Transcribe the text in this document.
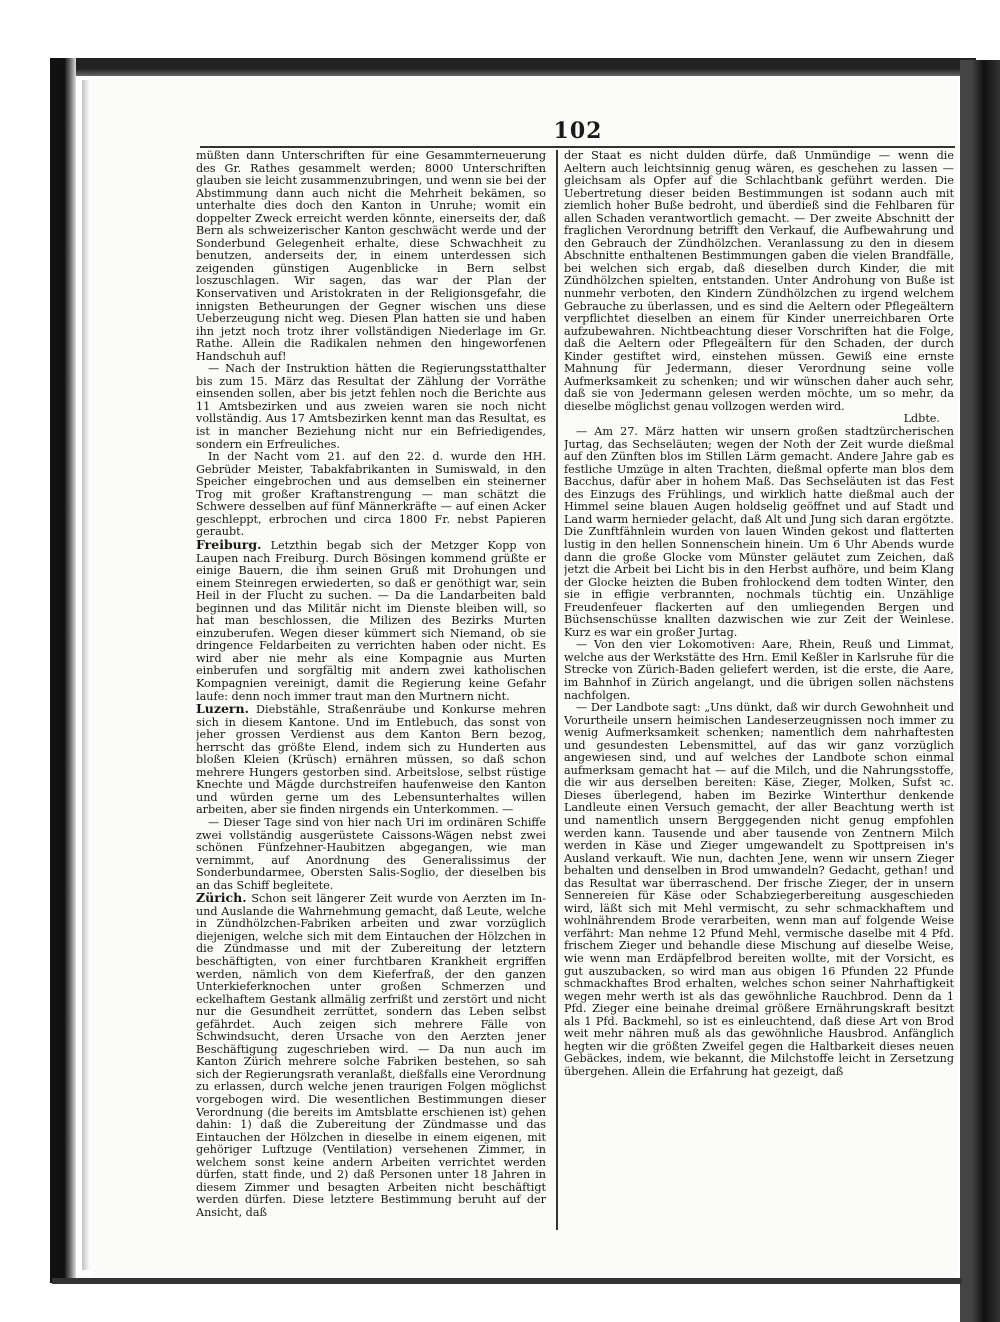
102

müßten dann Unterschriften für eine Gesammterneuerung des Gr. Rathes gesammelt werden; 8000 Unterschriften glauben sie leicht zusammenzubringen, und wenn sie bei der Abstimmung dann auch nicht die Mehrheit bekämen, so unterhalte dies doch den Kanton in Unruhe; womit ein doppelter Zweck erreicht werden könnte, einerseits der, daß Bern als schweizerischer Kanton geschwächt werde und der Sonderbund Gelegenheit erhalte, diese Schwachheit zu benutzen, anderseits der, in einem unterdessen sich zeigenden günstigen Augenblicke in Bern selbst loszuschlagen. Wir sagen, das war der Plan der Konservativen und Aristokraten in der Religionsgefahr, die innigsten Betheurungen der Gegner wischen uns diese Ueberzeugung nicht weg. Diesen Plan hatten sie und haben ihn jetzt noch trotz ihrer vollständigen Niederlage im Gr. Rathe. Allein die Radikalen nehmen den hingeworfenen Handschuh auf!

— Nach der Instruktion hätten die Regierungsstatthalter bis zum 15. März das Resultat der Zählung der Vorräthe einsenden sollen, aber bis jetzt fehlen noch die Berichte aus 11 Amtsbezirken und aus zweien waren sie noch nicht vollständig. Aus 17 Amtsbezirken kennt man das Resultat, es ist in mancher Beziehung nicht nur ein Befriedigendes, sondern ein Erfreuliches.

In der Nacht vom 21. auf den 22. d. wurde den HH. Gebrüder Meister, Tabakfabrikanten in Sumiswald, in den Speicher eingebrochen und aus demselben ein steinerner Trog mit großer Kraftanstrengung — man schätzt die Schwere desselben auf fünf Männerkräfte — auf einen Acker geschleppt, erbrochen und circa 1800 Fr. nebst Papieren geraubt.

Freiburg. Letzthin begab sich der Metzger Kopp von Laupen nach Freiburg. Durch Bösingen kommend grüßte er einige Bauern, die ihm seinen Gruß mit Drohungen und einem Steinregen erwiederten, so daß er genöthigt war, sein Heil in der Flucht zu suchen. — Da die Landarbeiten bald beginnen und das Militär nicht im Dienste bleiben will, so hat man beschlossen, die Milizen des Bezirks Murten einzuberufen. Wegen dieser kümmert sich Niemand, ob sie dringence Feldarbeiten zu verrichten haben oder nicht. Es wird aber nie mehr als eine Kompagnie aus Murten einberufen und sorgfältig mit andern zwei katholischen Kompagnien vereinigt, damit die Regierung keine Gefahr laufe: denn noch immer traut man den Murtnern nicht.

Luzern. Diebstähle, Straßenräube und Konkurse mehren sich in diesem Kantone. Und im Entlebuch, das sonst von jeher grossen Verdienst aus dem Kanton Bern bezog, herrscht das größte Elend, indem sich zu Hunderten aus bloßen Kleien (Krüsch) ernähren müssen, so daß schon mehrere Hungers gestorben sind. Arbeitslose, selbst rüstige Knechte und Mägde durchstreifen haufenweise den Kanton und würden gerne um des Lebensunterhaltes willen arbeiten, aber sie finden nirgends ein Unterkommen. —

— Dieser Tage sind von hier nach Uri im ordinären Schiffe zwei vollständig ausgerüstete Caissons-Wägen nebst zwei schönen Fünfzehner-Haubitzen abgegangen, wie man vernimmt, auf Anordnung des Generalissimus der Sonderbundarmee, Obersten Salis-Soglio, der dieselben bis an das Schiff begleitete.

Zürich. Schon seit längerer Zeit wurde von Aerzten im In- und Auslande die Wahrnehmung gemacht, daß Leute, welche in Zündhölzchen-Fabriken arbeiten und zwar vorzüglich diejenigen, welche sich mit dem Eintauchen der Hölzchen in die Zündmasse und mit der Zubereitung der letztern beschäftigten, von einer furchtbaren Krankheit ergriffen werden, nämlich von dem Kieferfraß, der den ganzen Unterkieferknochen unter großen Schmerzen und eckelhaftem Gestank allmälig zerfrißt und zerstört und nicht nur die Gesundheit zerrüttet, sondern das Leben selbst gefährdet. Auch zeigen sich mehrere Fälle von Schwindsucht, deren Ursache von den Aerzten jener Beschäftigung zugeschrieben wird. — Da nun auch im Kanton Zürich mehrere solche Fabriken bestehen, so sah sich der Regierungsrath veranlaßt, dießfalls eine Verordnung zu erlassen, durch welche jenen traurigen Folgen möglichst vorgebogen wird. Die wesentlichen Bestimmungen dieser Verordnung (die bereits im Amtsblatte erschienen ist) gehen dahin: 1) daß die Zubereitung der Zündmasse und das Eintauchen der Hölzchen in dieselbe in einem eigenen, mit gehöriger Luftzuge (Ventilation) versehenen Zimmer, in welchem sonst keine andern Arbeiten verrichtet werden dürfen, statt finde, und 2) daß Personen unter 18 Jahren in diesem Zimmer und besagten Arbeiten nicht beschäftigt werden dürfen. Diese letztere Bestimmung beruht auf der Ansicht, daß

der Staat es nicht dulden dürfe, daß Unmündige — wenn die Aeltern auch leichtsinnig genug wären, es geschehen zu lassen — gleichsam als Opfer auf die Schlachtbank geführt werden. Die Uebertretung dieser beiden Bestimmungen ist sodann auch mit ziemlich hoher Buße bedroht, und überdieß sind die Fehlbaren für allen Schaden verantwortlich gemacht. — Der zweite Abschnitt der fraglichen Verordnung betrifft den Verkauf, die Aufbewahrung und den Gebrauch der Zündhölzchen. Veranlassung zu den in diesem Abschnitte enthaltenen Bestimmungen gaben die vielen Brandfälle, bei welchen sich ergab, daß dieselben durch Kinder, die mit Zündhölzchen spielten, entstanden. Unter Androhung von Buße ist nunmehr verboten, den Kindern Zündhölzchen zu irgend welchem Gebrauche zu überlassen, und es sind die Aeltern oder Pflegeältern verpflichtet dieselben an einem für Kinder unerreichbaren Orte aufzubewahren. Nichtbeachtung dieser Vorschriften hat die Folge, daß die Aeltern oder Pflegeältern für den Schaden, der durch Kinder gestiftet wird, einstehen müssen. Gewiß eine ernste Mahnung für Jedermann, dieser Verordnung seine volle Aufmerksamkeit zu schenken; und wir wünschen daher auch sehr, daß sie von Jedermann gelesen werden möchte, um so mehr, da dieselbe möglichst genau vollzogen werden wird.
Ldbte.

— Am 27. März hatten wir unsern großen stadtzürcherischen Jurtag, das Sechseläuten; wegen der Noth der Zeit wurde dießmal auf den Zünften blos im Stillen Lärm gemacht. Andere Jahre gab es festliche Umzüge in alten Trachten, dießmal opferte man blos dem Bacchus, dafür aber in hohem Maß. Das Sechseläuten ist das Fest des Einzugs des Frühlings, und wirklich hatte dießmal auch der Himmel seine blauen Augen holdselig geöffnet und auf Stadt und Land warm hernieder gelacht, daß Alt und Jung sich daran ergötzte. Die Zunftfähnlein wurden von lauen Winden gekost und flatterten lustig in den hellen Sonnenschein hinein. Um 6 Uhr Abends wurde dann die große Glocke vom Münster geläutet zum Zeichen, daß jetzt die Arbeit bei Licht bis in den Herbst aufhöre, und beim Klang der Glocke heizten die Buben frohlockend dem todten Winter, den sie in effigie verbrannten, nochmals tüchtig ein. Unzählige Freudenfeuer flackerten auf den umliegenden Bergen und Büchsenschüsse knallten dazwischen wie zur Zeit der Weinlese. Kurz es war ein großer Jurtag.

— Von den vier Lokomotiven: Aare, Rhein, Reuß und Limmat, welche aus der Werkstätte des Hrn. Emil Keßler in Karlsruhe für die Strecke von Zürich-Baden geliefert werden, ist die erste, die Aare, im Bahnhof in Zürich angelangt, und die übrigen sollen nächstens nachfolgen.

— Der Landbote sagt: „Uns dünkt, daß wir durch Gewohnheit und Vorurtheile unsern heimischen Landeserzeugnissen noch immer zu wenig Aufmerksamkeit schenken; namentlich dem nahrhaftesten und gesundesten Lebensmittel, auf das wir ganz vorzüglich angewiesen sind, und auf welches der Landbote schon einmal aufmerksam gemacht hat — auf die Milch, und die Nahrungsstoffe, die wir aus derselben bereiten: Käse, Zieger, Molken, Sufst ꝛc. Dieses überlegend, haben im Bezirke Winterthur denkende Landleute einen Versuch gemacht, der aller Beachtung werth ist und namentlich unsern Berggegenden nicht genug empfohlen werden kann. Tausende und aber tausende von Zentnern Milch werden in Käse und Zieger umgewandelt zu Spottpreisen in's Ausland verkauft. Wie nun, dachten Jene, wenn wir unsern Zieger behalten und denselben in Brod umwandeln? Gedacht, gethan! und das Resultat war überraschend. Der frische Zieger, der in unsern Sennereien für Käse oder Schabziegerbereitung ausgeschieden wird, läßt sich mit Mehl vermischt, zu sehr schmackhaftem und wohlnährendem Brode verarbeiten, wenn man auf folgende Weise verfährt: Man nehme 12 Pfund Mehl, vermische daselbe mit 4 Pfd. frischem Zieger und behandle diese Mischung auf dieselbe Weise, wie wenn man Erdäpfelbrod bereiten wollte, mit der Vorsicht, es gut auszubacken, so wird man aus obigen 16 Pfunden 22 Pfunde schmackhaftes Brod erhalten, welches schon seiner Nahrhaftigkeit wegen mehr werth ist als das gewöhnliche Rauchbrod. Denn da 1 Pfd. Zieger eine beinahe dreimal größere Ernährungskraft besitzt als 1 Pfd. Backmehl, so ist es einleuchtend, daß diese Art von Brod weit mehr nähren muß als das gewöhnliche Hausbrod. Anfänglich hegten wir die größten Zweifel gegen die Haltbarkeit dieses neuen Gebäckes, indem, wie bekannt, die Milchstoffe leicht in Zersetzung übergehen. Allein die Erfahrung hat gezeigt, daß
